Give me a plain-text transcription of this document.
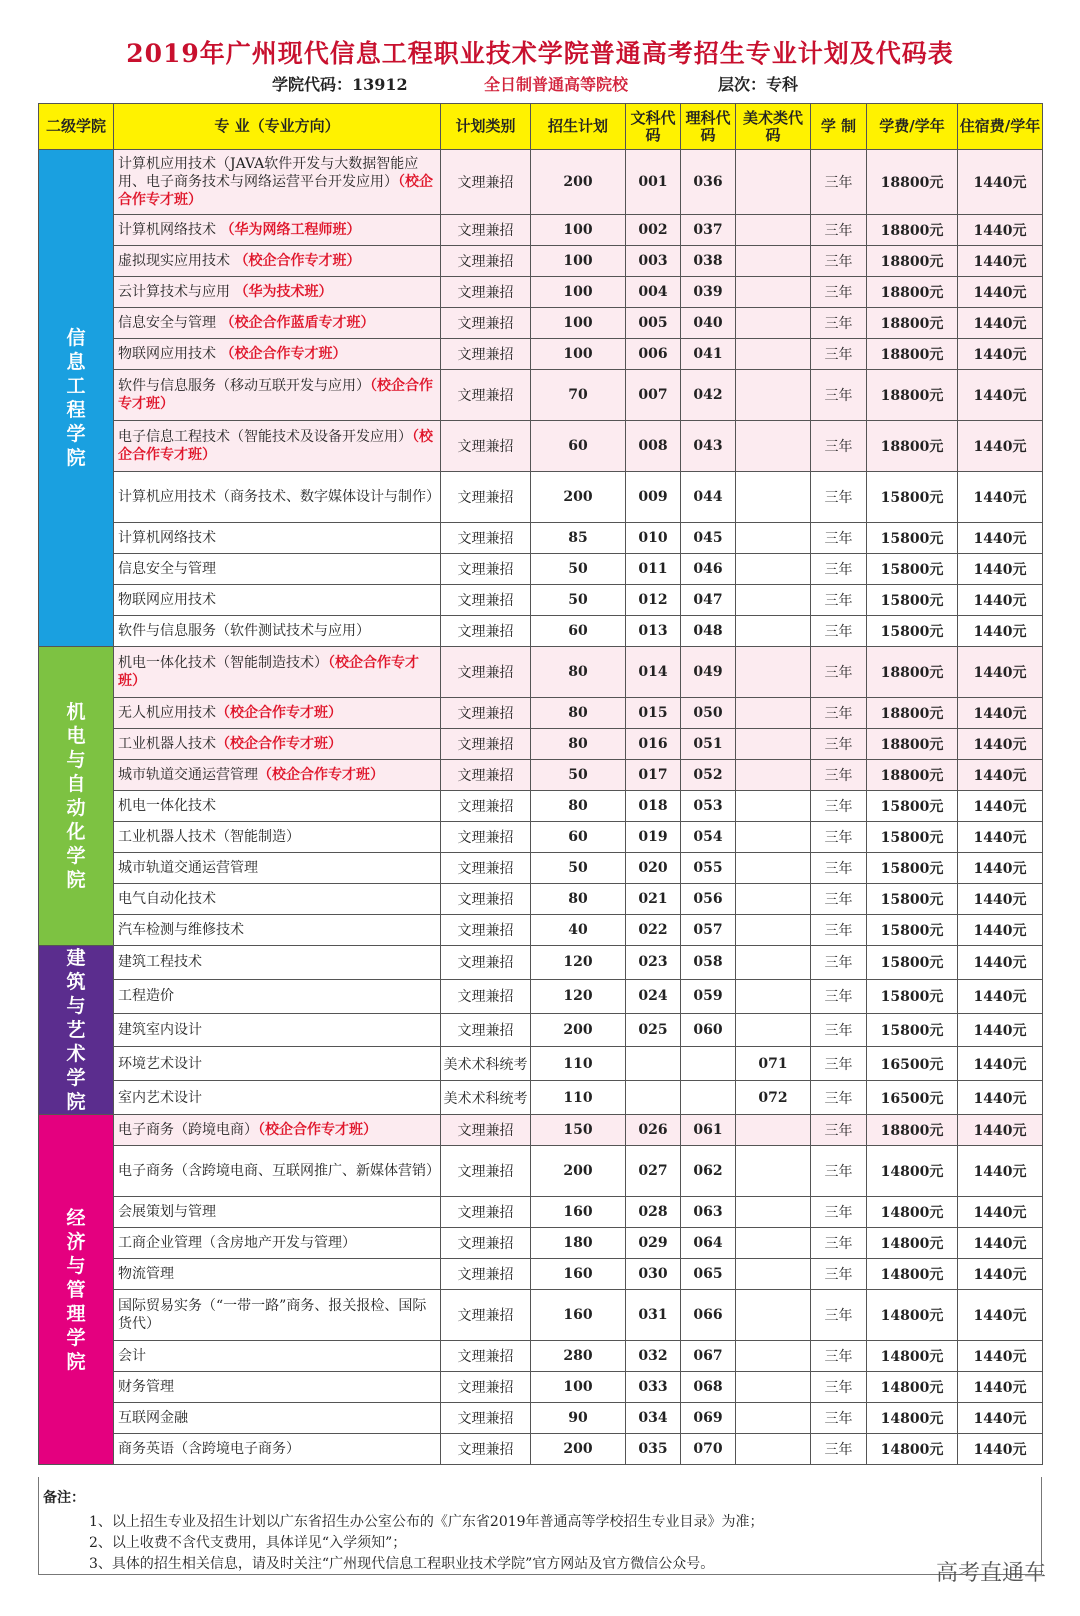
2019年广州现代信息工程职业技术学院普通高考招生专业计划及代码表
学院代码：13912	全日制普通高等院校	层次：专科
二级学院	专 业（专业方向）	计划类别	招生计划	文科代码	理科代码	美术类代码	学 制	学费/学年	住宿费/学年
信息工程学院	计算机应用技术（JAVA软件开发与大数据智能应用、电子商务技术与网络运营平台开发应用）（校企合作专才班）	文理兼招	200	001	036		三年	18800元	1440元
	计算机网络技术 （华为网络工程师班）	文理兼招	100	002	037		三年	18800元	1440元
	虚拟现实应用技术 （校企合作专才班）	文理兼招	100	003	038		三年	18800元	1440元
	云计算技术与应用 （华为技术班）	文理兼招	100	004	039		三年	18800元	1440元
	信息安全与管理 （校企合作蓝盾专才班）	文理兼招	100	005	040		三年	18800元	1440元
	物联网应用技术 （校企合作专才班）	文理兼招	100	006	041		三年	18800元	1440元
	软件与信息服务（移动互联开发与应用）（校企合作专才班）	文理兼招	70	007	042		三年	18800元	1440元
	电子信息工程技术（智能技术及设备开发应用）（校企合作专才班）	文理兼招	60	008	043		三年	18800元	1440元
	计算机应用技术（商务技术、数字媒体设计与制作）	文理兼招	200	009	044		三年	15800元	1440元
	计算机网络技术	文理兼招	85	010	045		三年	15800元	1440元
	信息安全与管理	文理兼招	50	011	046		三年	15800元	1440元
	物联网应用技术	文理兼招	50	012	047		三年	15800元	1440元
	软件与信息服务（软件测试技术与应用）	文理兼招	60	013	048		三年	15800元	1440元
机电与自动化学院	机电一体化技术（智能制造技术）（校企合作专才班）	文理兼招	80	014	049		三年	18800元	1440元
	无人机应用技术（校企合作专才班）	文理兼招	80	015	050		三年	18800元	1440元
	工业机器人技术（校企合作专才班）	文理兼招	80	016	051		三年	18800元	1440元
	城市轨道交通运营管理（校企合作专才班）	文理兼招	50	017	052		三年	18800元	1440元
	机电一体化技术	文理兼招	80	018	053		三年	15800元	1440元
	工业机器人技术（智能制造）	文理兼招	60	019	054		三年	15800元	1440元
	城市轨道交通运营管理	文理兼招	50	020	055		三年	15800元	1440元
	电气自动化技术	文理兼招	80	021	056		三年	15800元	1440元
	汽车检测与维修技术	文理兼招	40	022	057		三年	15800元	1440元
建筑与艺术学院	建筑工程技术	文理兼招	120	023	058		三年	15800元	1440元
	工程造价	文理兼招	120	024	059		三年	15800元	1440元
	建筑室内设计	文理兼招	200	025	060		三年	15800元	1440元
	环境艺术设计	美术术科统考	110			071	三年	16500元	1440元
	室内艺术设计	美术术科统考	110			072	三年	16500元	1440元
经济与管理学院	电子商务（跨境电商）（校企合作专才班）	文理兼招	150	026	061		三年	18800元	1440元
	电子商务（含跨境电商、互联网推广、新媒体营销）	文理兼招	200	027	062		三年	14800元	1440元
	会展策划与管理	文理兼招	160	028	063		三年	14800元	1440元
	工商企业管理（含房地产开发与管理）	文理兼招	180	029	064		三年	14800元	1440元
	物流管理	文理兼招	160	030	065		三年	14800元	1440元
	国际贸易实务（“一带一路”商务、报关报检、国际货代）	文理兼招	160	031	066		三年	14800元	1440元
	会计	文理兼招	280	032	067		三年	14800元	1440元
	财务管理	文理兼招	100	033	068		三年	14800元	1440元
	互联网金融	文理兼招	90	034	069		三年	14800元	1440元
	商务英语（含跨境电子商务）	文理兼招	200	035	070		三年	14800元	1440元
备注：
1、以上招生专业及招生计划以广东省招生办公室公布的《广东省2019年普通高等学校招生专业目录》为准；
2、以上收费不含代支费用，具体详见“入学须知”；
3、具体的招生相关信息，请及时关注“广州现代信息工程职业技术学院”官方网站及官方微信公众号。	高考直通车
